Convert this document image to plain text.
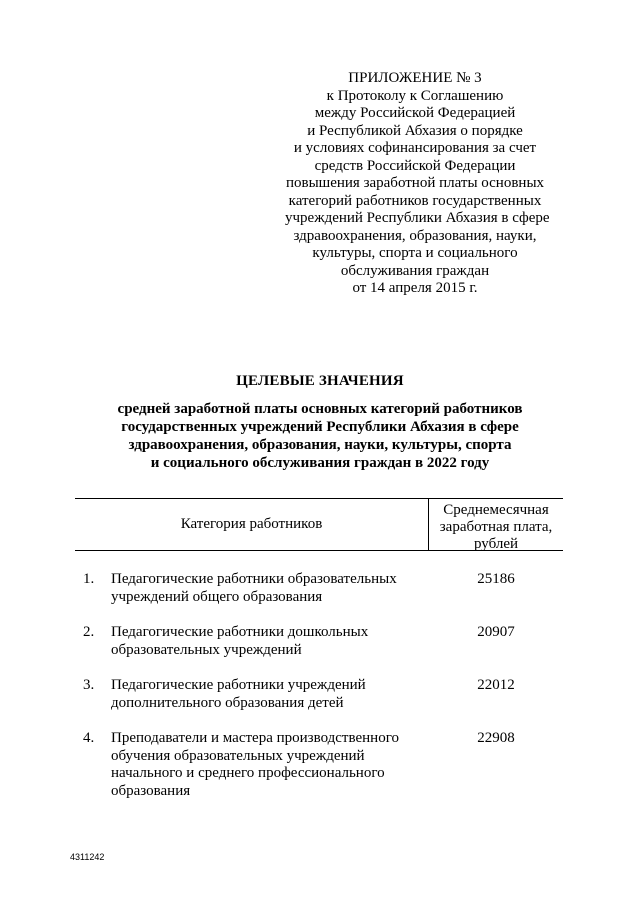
ПРИЛОЖЕНИЕ № 3
к Протоколу к Соглашению
между Российской Федерацией
и Республикой Абхазия о порядке
и условиях софинансирования за счет
средств Российской Федерации
повышения заработной платы основных
категорий работников государственных
учреждений Республики Абхазия в сфере
здравоохранения, образования, науки,
культуры, спорта и социального
обслуживания граждан
от 14 апреля 2015 г.
ЦЕЛЕВЫЕ ЗНАЧЕНИЯ
средней заработной платы основных категорий работников
государственных учреждений Республики Абхазия в сфере
здравоохранения, образования, науки, культуры, спорта
и социального обслуживания граждан в 2022 году
Категория работников
Среднемесячная
заработная плата,
рублей
1. Педагогические работники образовательных
учреждений общего образования
25186
2. Педагогические работники дошкольных
образовательных учреждений
20907
3. Педагогические работники учреждений
дополнительного образования детей
22012
4. Преподаватели и мастера производственного
обучения образовательных учреждений
начального и среднего профессионального
образования
22908
4311242
